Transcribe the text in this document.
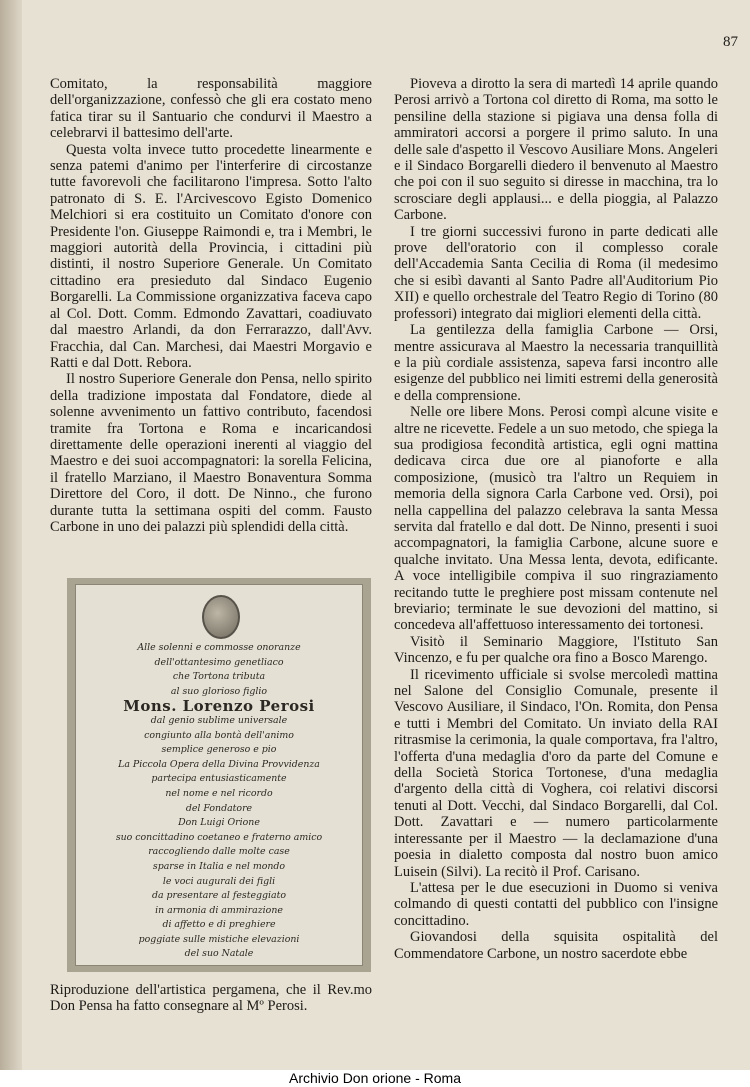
87

Comitato, la responsabilità maggiore dell'organizzazione, confessò che gli era costato meno fatica tirar su il Santuario che condurvi il Maestro a celebrarvi il battesimo dell'arte.

Questa volta invece tutto procedette linearmente e senza patemi d'animo per l'interferire di circostanze tutte favorevoli che facilitarono l'impresa. Sotto l'alto patronato di S. E. l'Arcivescovo Egisto Domenico Melchiori si era costituito un Comitato d'onore con Presidente l'on. Giuseppe Raimondi e, tra i Membri, le maggiori autorità della Provincia, i cittadini più distinti, il nostro Superiore Generale. Un Comitato cittadino era presieduto dal Sindaco Eugenio Borgarelli. La Commissione organizzativa faceva capo al Col. Dott. Comm. Edmondo Zavattari, coadiuvato dal maestro Arlandi, da don Ferrarazzo, dall'Avv. Fracchia, dal Can. Marchesi, dai Maestri Morgavio e Ratti e dal Dott. Rebora.

Il nostro Superiore Generale don Pensa, nello spirito della tradizione impostata dal Fondatore, diede al solenne avvenimento un fattivo contributo, facendosi tramite fra Tortona e Roma e incaricandosi direttamente delle operazioni inerenti al viaggio del Maestro e dei suoi accompagnatori: la sorella Felicina, il fratello Marziano, il Maestro Bonaventura Somma Direttore del Coro, il dott. De Ninno., che furono durante tutta la settimana ospiti del comm. Fausto Carbone in uno dei palazzi più splendidi della città.

Alle solenni e commosse onoranze
dell'ottantesimo genetliaco
che Tortona tributa
al suo glorioso figlio
Mons. Lorenzo Perosi
dal genio sublime universale
congiunto alla bontà dell'animo
semplice generoso e pio
La Piccola Opera della Divina Provvidenza
partecipa entusiasticamente
nel nome e nel ricordo
del Fondatore
Don Luigi Orione
suo concittadino coetaneo e fraterno amico
raccogliendo dalle molte case
sparse in Italia e nel mondo
le voci augurali dei figli
da presentare al festeggiato
in armonia di ammirazione
di affetto e di preghiere
poggiate sulle mistiche elevazioni
del suo Natale
Riproduzione dell'artistica pergamena, che il Rev.mo Don Pensa ha fatto consegnare al Mº Perosi.

Pioveva a dirotto la sera di martedì 14 aprile quando Perosi arrivò a Tortona col diretto di Roma, ma sotto le pensiline della stazione si pigiava una densa folla di ammiratori accorsi a porgere il primo saluto. In una delle sale d'aspetto il Vescovo Ausiliare Mons. Angeleri e il Sindaco Borgarelli diedero il benvenuto al Maestro che poi con il suo seguito si diresse in macchina, tra lo scrosciare degli applausi... e della pioggia, al Palazzo Carbone.

I tre giorni successivi furono in parte dedicati alle prove dell'oratorio con il complesso corale dell'Accademia Santa Cecilia di Roma (il medesimo che si esibì davanti al Santo Padre all'Auditorium Pio XII) e quello orchestrale del Teatro Regio di Torino (80 professori) integrato dai migliori elementi della città.

La gentilezza della famiglia Carbone — Orsi, mentre assicurava al Maestro la necessaria tranquillità e la più cordiale assistenza, sapeva farsi incontro alle esigenze del pubblico nei limiti estremi della generosità e della comprensione.

Nelle ore libere Mons. Perosi compì alcune visite e altre ne ricevette. Fedele a un suo metodo, che spiega la sua prodigiosa fecondità artistica, egli ogni mattina dedicava circa due ore al pianoforte e alla composizione, (musicò tra l'altro un Requiem in memoria della signora Carla Carbone ved. Orsi), poi nella cappellina del palazzo celebrava la santa Messa servita dal fratello e dal dott. De Ninno, presenti i suoi accompagnatori, la famiglia Carbone, alcune suore e qualche invitato. Una Messa lenta, devota, edificante. A voce intelligibile compiva il suo ringraziamento recitando tutte le preghiere post missam contenute nel breviario; terminate le sue devozioni del mattino, si concedeva all'affettuoso interessamento dei tortonesi.

Visitò il Seminario Maggiore, l'Istituto San Vincenzo, e fu per qualche ora fino a Bosco Marengo.

Il ricevimento ufficiale si svolse mercoledì mattina nel Salone del Consiglio Comunale, presente il Vescovo Ausiliare, il Sindaco, l'On. Romita, don Pensa e tutti i Membri del Comitato. Un inviato della RAI ritrasmise la cerimonia, la quale comportava, fra l'altro, l'offerta d'una medaglia d'oro da parte del Comune e della Società Storica Tortonese, d'una medaglia d'argento della città di Voghera, coi relativi discorsi tenuti al Dott. Vecchi, dal Sindaco Borgarelli, dal Col. Dott. Zavattari e — numero particolarmente interessante per il Maestro — la declamazione d'una poesia in dialetto composta dal nostro buon amico Luisein (Silvi). La recitò il Prof. Carisano.

L'attesa per le due esecuzioni in Duomo si veniva colmando di questi contatti del pubblico con l'insigne concittadino.

Giovandosi della squisita ospitalità del Commendatore Carbone, un nostro sacerdote ebbe

Archivio Don orione - Roma
